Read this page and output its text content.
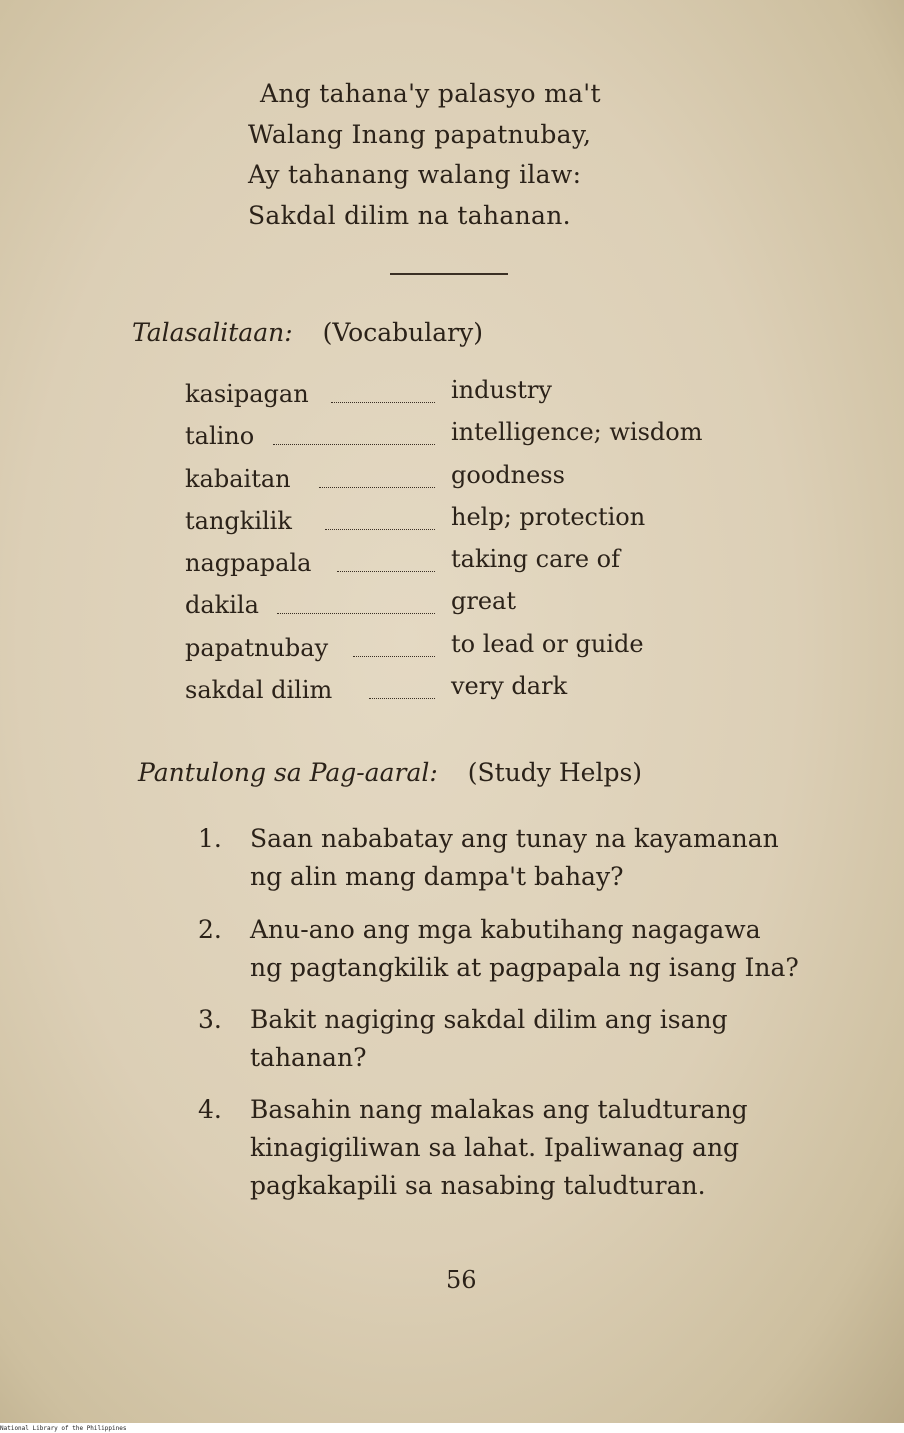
Ang tahana'y palasyo ma't
Walang Inang papatnubay,
Ay tahanang walang ilaw:
Sakdal dilim na tahanan.
Talasalitaan: (Vocabulary)
kasipagan	industry
talino	intelligence; wisdom
kabaitan	goodness
tangkilik	help; protection
nagpapala	taking care of
dakila	great
papatnubay	to lead or guide
sakdal dilim	very dark
Pantulong sa Pag-aaral: (Study Helps)
1. Saan nababatay ang tunay na kayamanan ng alin mang dampa't bahay?
2. Anu-ano ang mga kabutihang nagagawa ng pagtangkilik at pagpapala ng isang Ina?
3. Bakit nagiging sakdal dilim ang isang tahanan?
4. Basahin nang malakas ang taludturang kinagigiliwan sa lahat. Ipaliwanag ang pagkakapili sa nasabing taludturan.
56
National Library of the Philippines
